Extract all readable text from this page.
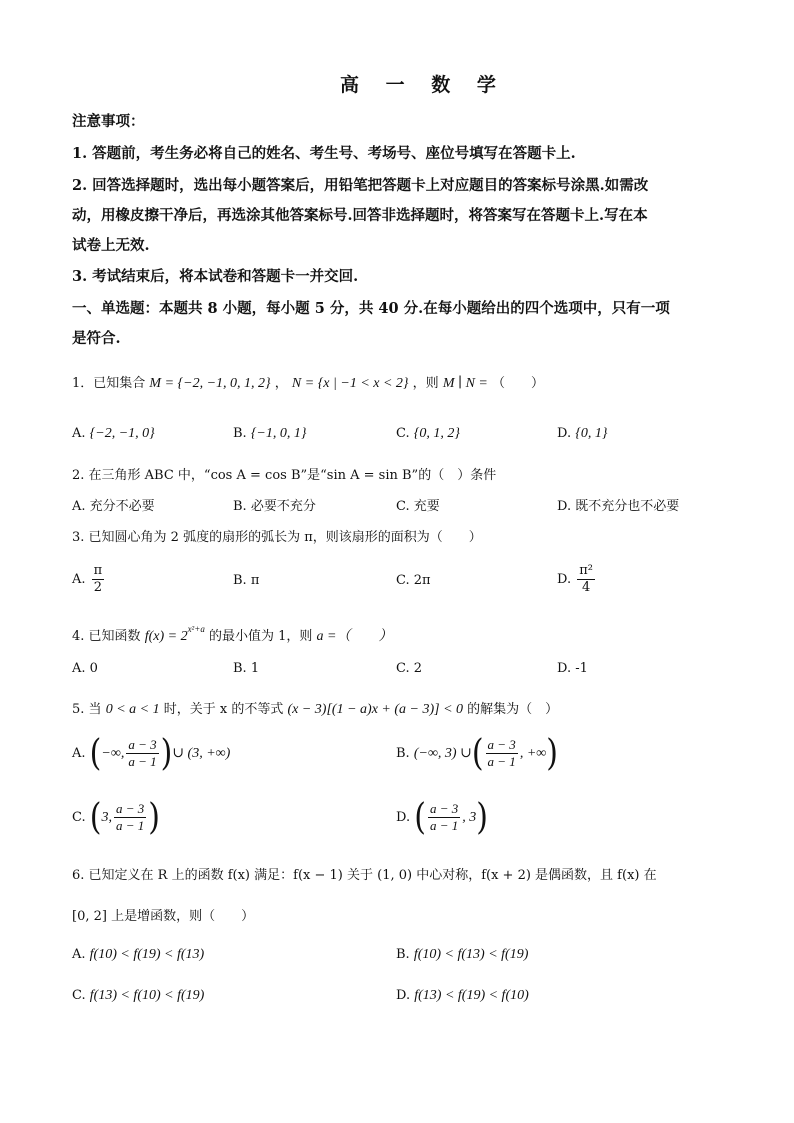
高 一 数 学
注意事项：
1. 答题前，考生务必将自己的姓名、考生号、考场号、座位号填写在答题卡上.
2. 回答选择题时，选出每小题答案后，用铅笔把答题卡上对应题目的答案标号涂黑.如需改
动，用橡皮擦干净后，再选涂其他答案标号.回答非选择题时，将答案写在答题卡上.写在本
试卷上无效.
3. 考试结束后，将本试卷和答题卡一并交回.
一、单选题：本题共 8 小题，每小题 5 分，共 40 分.在每小题给出的四个选项中，只有一项
是符合.
1．已知集合 M = {−2, −1, 0, 1, 2} ， N = {x | −1 < x < 2} ，则 M ∣ N = （　　）
A. {−2, −1, 0}	B. {−1, 0, 1}	C. {0, 1, 2}	D. {0, 1}
2. 在三角形 ABC 中，“cos A = cos B”是“sin A = sin B”的（　）条件
A. 充分不必要	B. 必要不充分	C. 充要	D. 既不充分也不必要
3. 已知圆心角为 2 弧度的扇形的弧长为 π，则该扇形的面积为（　　）
A. $\frac{\pi}{2}$	B. π	C. 2π	D. $\frac{\text{π²}}{4}$
4. 已知函数 $f(x) = 2^{x^2+a}$ 的最小值为 1，则 a =（　　）
A. 0	B. 1	C. 2	D. -1
5. 当 0 < a < 1 时，关于 x 的不等式 (x − 3)[(1 − a)x + (a − 3)] < 0 的解集为（　）
A. (−∞, $\frac{a - 3}{a - 1}$ )∪ (3, +∞)	B. (−∞, 3) ∪( $\frac{a - 3}{a - 1}$ , +∞)
C. (3, $\frac{a - 3}{a - 1}$ )	D. ( $\frac{a - 3}{a - 1}$ , 3)
6. 已知定义在 R 上的函数 f(x) 满足：f(x − 1) 关于 (1, 0) 中心对称，f(x + 2) 是偶函数，且 f(x) 在
[0, 2] 上是增函数，则（　　）
A. f(10) < f(19) < f(13)	B. f(10) < f(13) < f(19)
C. f(13) < f(10) < f(19)	D. f(13) < f(19) < f(10)
